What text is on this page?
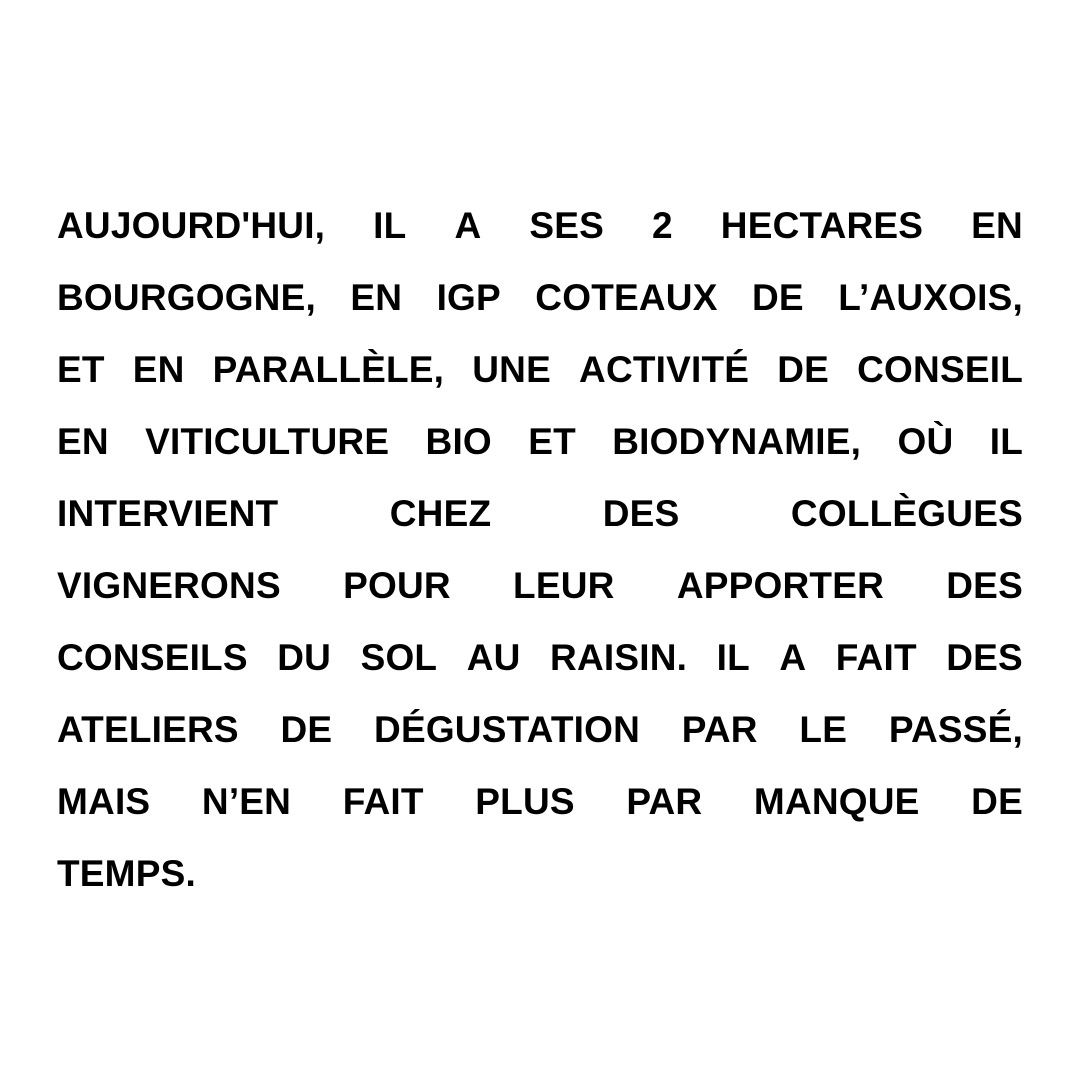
AUJOURD'HUI, IL A SES 2 HECTARES EN
BOURGOGNE, EN IGP COTEAUX DE L’AUXOIS,
ET EN PARALLÈLE, UNE ACTIVITÉ DE CONSEIL
EN VITICULTURE BIO ET BIODYNAMIE, OÙ IL
INTERVIENT	CHEZ	DES	COLLÈGUES
VIGNERONS POUR LEUR APPORTER DES
CONSEILS DU SOL AU RAISIN. IL A FAIT DES
ATELIERS DE DÉGUSTATION PAR LE PASSÉ,
MAIS N’EN FAIT PLUS PAR MANQUE DE
TEMPS.
